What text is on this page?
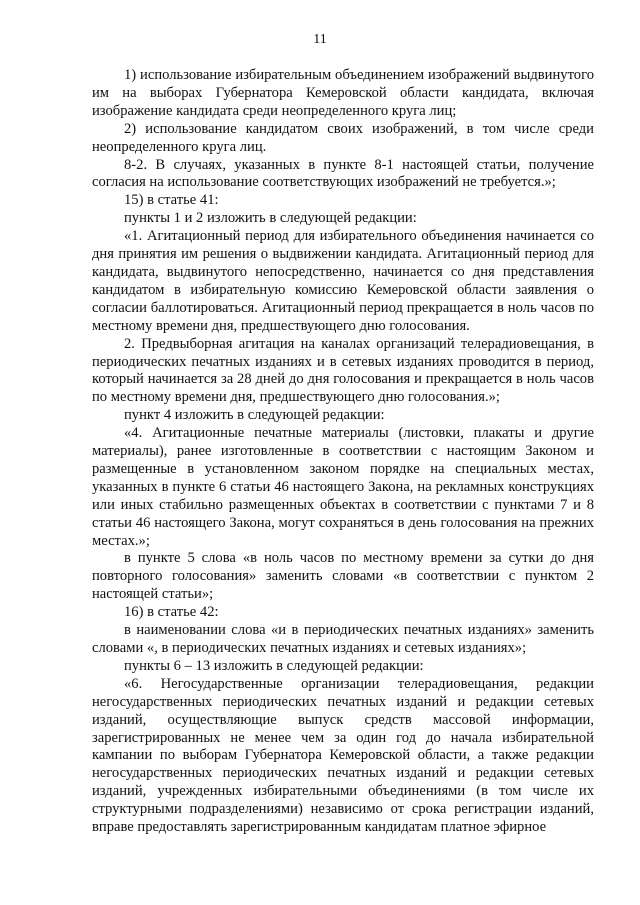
11

1) использование избирательным объединением изображений выдвинутого им на выборах Губернатора Кемеровской области кандидата, включая изображение кандидата среди неопределенного круга лиц;

2) использование кандидатом своих изображений, в том числе среди неопределенного круга лиц.

8-2. В случаях, указанных в пункте 8-1 настоящей статьи, получение согласия на использование соответствующих изображений не требуется.»;

15) в статье 41:

пункты 1 и 2 изложить в следующей редакции:

«1. Агитационный период для избирательного объединения начинается со дня принятия им решения о выдвижении кандидата. Агитационный период для кандидата, выдвинутого непосредственно, начинается со дня представления кандидатом в избирательную комиссию Кемеровской области заявления о согласии баллотироваться. Агитационный период прекращается в ноль часов по местному времени дня, предшествующего дню голосования.

2. Предвыборная агитация на каналах организаций телерадиовещания, в периодических печатных изданиях и в сетевых изданиях проводится в период, который начинается за 28 дней до дня голосования и прекращается в ноль часов по местному времени дня, предшествующего дню голосования.»;

пункт 4 изложить в следующей редакции:

«4. Агитационные печатные материалы (листовки, плакаты и другие материалы), ранее изготовленные в соответствии с настоящим Законом и размещенные в установленном законом порядке на специальных местах, указанных в пункте 6 статьи 46 настоящего Закона, на рекламных конструкциях или иных стабильно размещенных объектах в соответствии с пунктами 7 и 8 статьи 46 настоящего Закона, могут сохраняться в день голосования на прежних местах.»;

в пункте 5 слова «в ноль часов по местному времени за сутки до дня повторного голосования» заменить словами «в соответствии с пунктом 2 настоящей статьи»;

16) в статье 42:

в наименовании слова «и в периодических печатных изданиях» заменить словами «, в периодических печатных изданиях и сетевых изданиях»;

пункты 6 – 13 изложить в следующей редакции:

«6. Негосударственные организации телерадиовещания, редакции негосударственных периодических печатных изданий и редакции сетевых изданий, осуществляющие выпуск средств массовой информации, зарегистрированных не менее чем за один год до начала избирательной кампании по выборам Губернатора Кемеровской области, а также редакции негосударственных периодических печатных изданий и редакции сетевых изданий, учрежденных избирательными объединениями (в том числе их структурными подразделениями) независимо от срока регистрации изданий, вправе предоставлять зарегистрированным кандидатам платное эфирное
